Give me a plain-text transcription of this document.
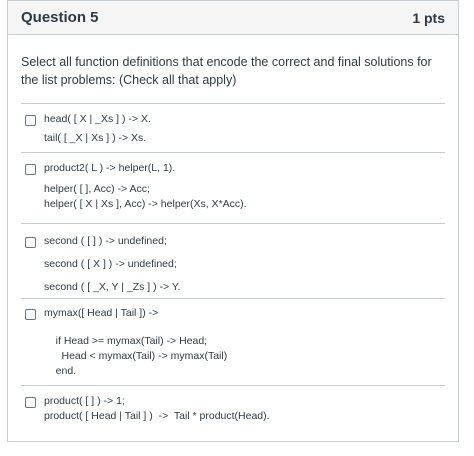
Question 5	1 pts
Select all function definitions that encode the correct and final solutions for the list problems: (Check all that apply)
head( [ X | _Xs ] ) -> X.
tail( [ _X | Xs ] ) -> Xs.
product2( L ) -> helper(L, 1).
helper( [ ], Acc) -> Acc;
helper( [ X | Xs ], Acc) -> helper(Xs, X*Acc).
second ( [ ] ) -> undefined;
second ( [ X ] ) -> undefined;
second ( [ _X, Y | _Zs ] ) -> Y.
mymax([ Head | Tail ]) ->
if Head >= mymax(Tail) -> Head;
Head < mymax(Tail) -> mymax(Tail)
end.
product( [ ] ) -> 1;
product( [ Head | Tail ] )  ->  Tail * product(Head).
